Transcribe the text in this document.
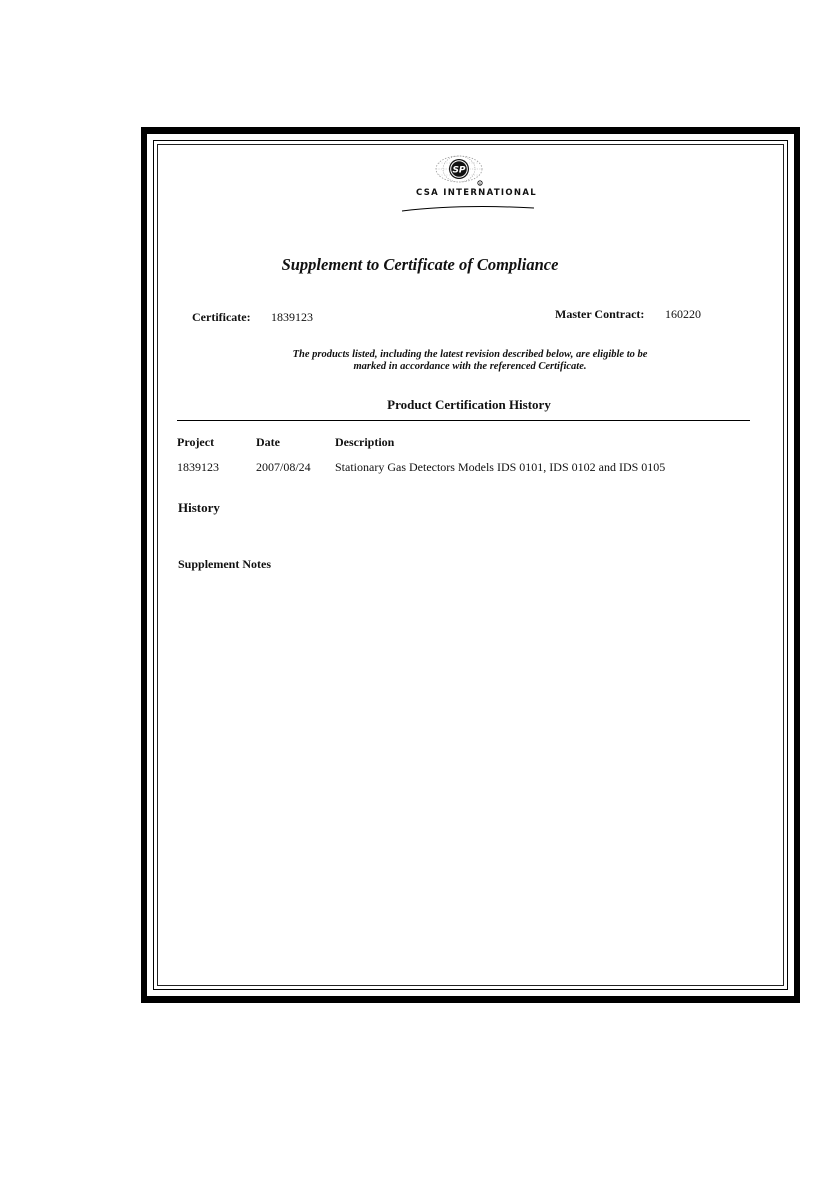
SP
R
CSA INTERNATIONAL
Supplement to Certificate of Compliance
Certificate: 1839123	Master Contract: 160220
The products listed, including the latest revision described below, are eligible to be
marked in accordance with the referenced Certificate.
Product Certification History
Project	Date	Description
1839123	2007/08/24 Stationary Gas Detectors Models IDS 0101, IDS 0102 and IDS 0105
History
Supplement Notes
